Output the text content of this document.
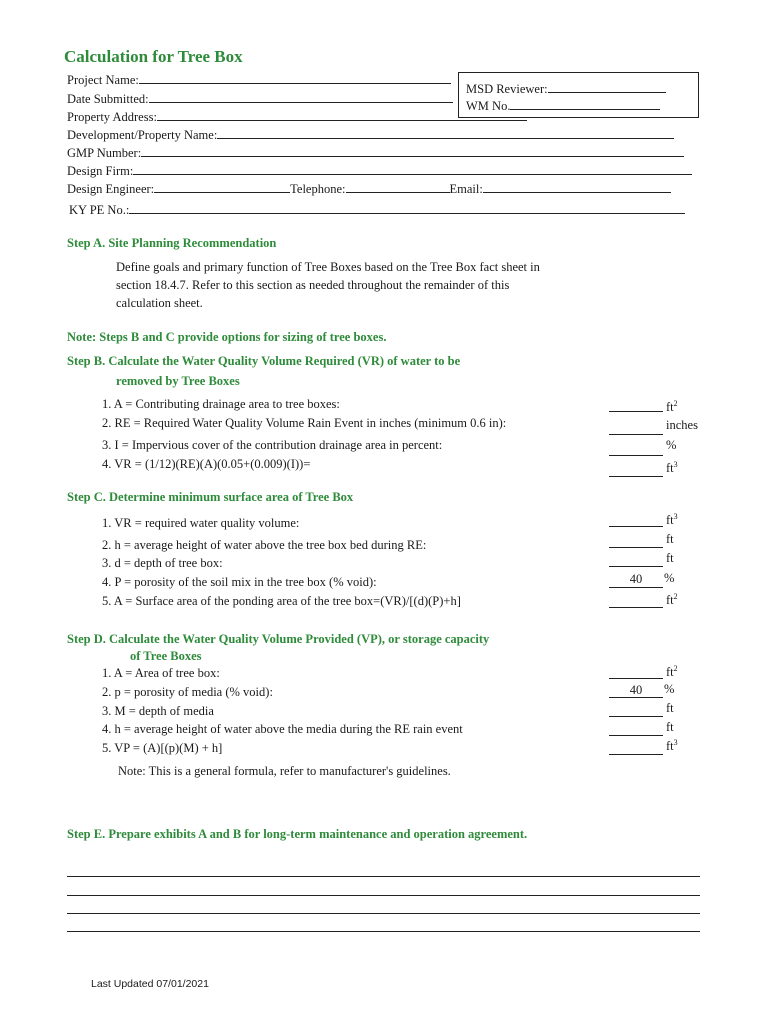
Calculation for Tree Box
Project Name:
Date Submitted:
Property Address:
Development/Property Name:
GMP Number:
Design Firm:
Design Engineer:	Telephone:	Email:
KY PE No.:
MSD Reviewer:
WM No.
Step A. Site Planning Recommendation
Define goals and primary function of Tree Boxes based on the Tree Box fact sheet in
section 18.4.7. Refer to this section as needed throughout the remainder of this
calculation sheet.
Note: Steps B and C provide options for sizing of tree boxes.
Step B. Calculate the Water Quality Volume Required (VR) of water to be
removed by Tree Boxes
1. A = Contributing drainage area to tree boxes:
2. RE = Required Water Quality Volume Rain Event in inches (minimum 0.6 in):
3. I = Impervious cover of the contribution drainage area in percent:
4. VR = (1/12)(RE)(A)(0.05+(0.009)(I))=
$ft^2$
inches
%
$ft^3$
Step C. Determine minimum surface area of Tree Box
1. VR = required water quality volume:
2. h = average height of water above the tree box bed during RE:
3. d = depth of tree box:
4. P = porosity of the soil mix in the tree box (% void):
5. A = Surface area of the ponding area of the tree box=(VR)/[(d)(P)+h]
40
$ft^3$
ft
ft
%
$ft^2$
Step D. Calculate the Water Quality Volume Provided (VP), or storage capacity
of Tree Boxes
1. A = Area of tree box:
2. p = porosity of media (% void):
3. M = depth of media
4. h = average height of water above the media during the RE rain event
5. VP = (A)[(p)(M) + h]
40
$ft^2$
%
ft
ft
$ft^3$
Note: This is a general formula, refer to manufacturer's guidelines.
Step E. Prepare exhibits A and B for long-term maintenance and operation agreement.
Last Updated 07/01/2021
